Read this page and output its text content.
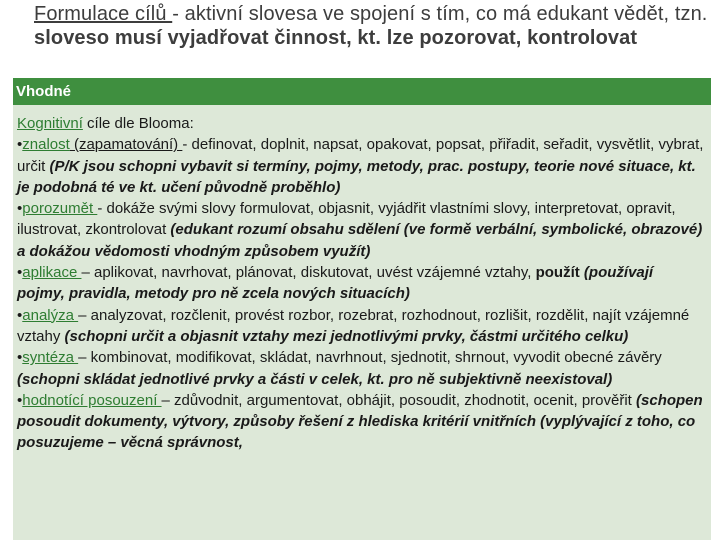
Formulace cílů - aktivní slovesa ve spojení s tím, co má edukant vědět, tzn. sloveso musí vyjadřovat činnost, kt. lze pozorovat, kontrolovat
Vhodné

Kognitivní cíle dle Blooma:

•znalost (zapamatování) - definovat, doplnit, napsat, opakovat, popsat, přiřadit, seřadit, vysvětlit, vybrat, určit (P/K jsou schopni vybavit si termíny, pojmy, metody, prac. postupy, teorie nové situace, kt. je podobná té ve kt. učení původně proběhlo)

•porozumět - dokáže svými slovy formulovat, objasnit, vyjádřit vlastními slovy, interpretovat, opravit, ilustrovat, zkontrolovat (edukant rozumí obsahu sdělení (ve formě verbální, symbolické, obrazové) a dokážou vědomosti vhodným způsobem využít)

•aplikace – aplikovat, navrhovat, plánovat, diskutovat, uvést vzájemné vztahy, použít (používají pojmy, pravidla, metody pro ně zcela nových situacích)

•analýza – analyzovat, rozčlenit, provést rozbor, rozebrat, rozhodnout, rozlišit, rozdělit, najít vzájemné vztahy (schopni určit a objasnit vztahy mezi jednotlivými prvky, částmi určitého celku)

•syntéza – kombinovat, modifikovat, skládat, navrhnout, sjednotit, shrnout, vyvodit obecné závěry (schopni skládat jednotlivé prvky a části v celek, kt. pro ně subjektivně neexistoval)

•hodnotící posouzení – zdůvodnit, argumentovat, obhájit, posoudit, zhodnotit, ocenit, prověřit (schopen posoudit dokumenty, výtvory, způsoby řešení z hlediska kritérií vnitřních (vyplývající z toho, co posuzujeme – věcná správnost,
